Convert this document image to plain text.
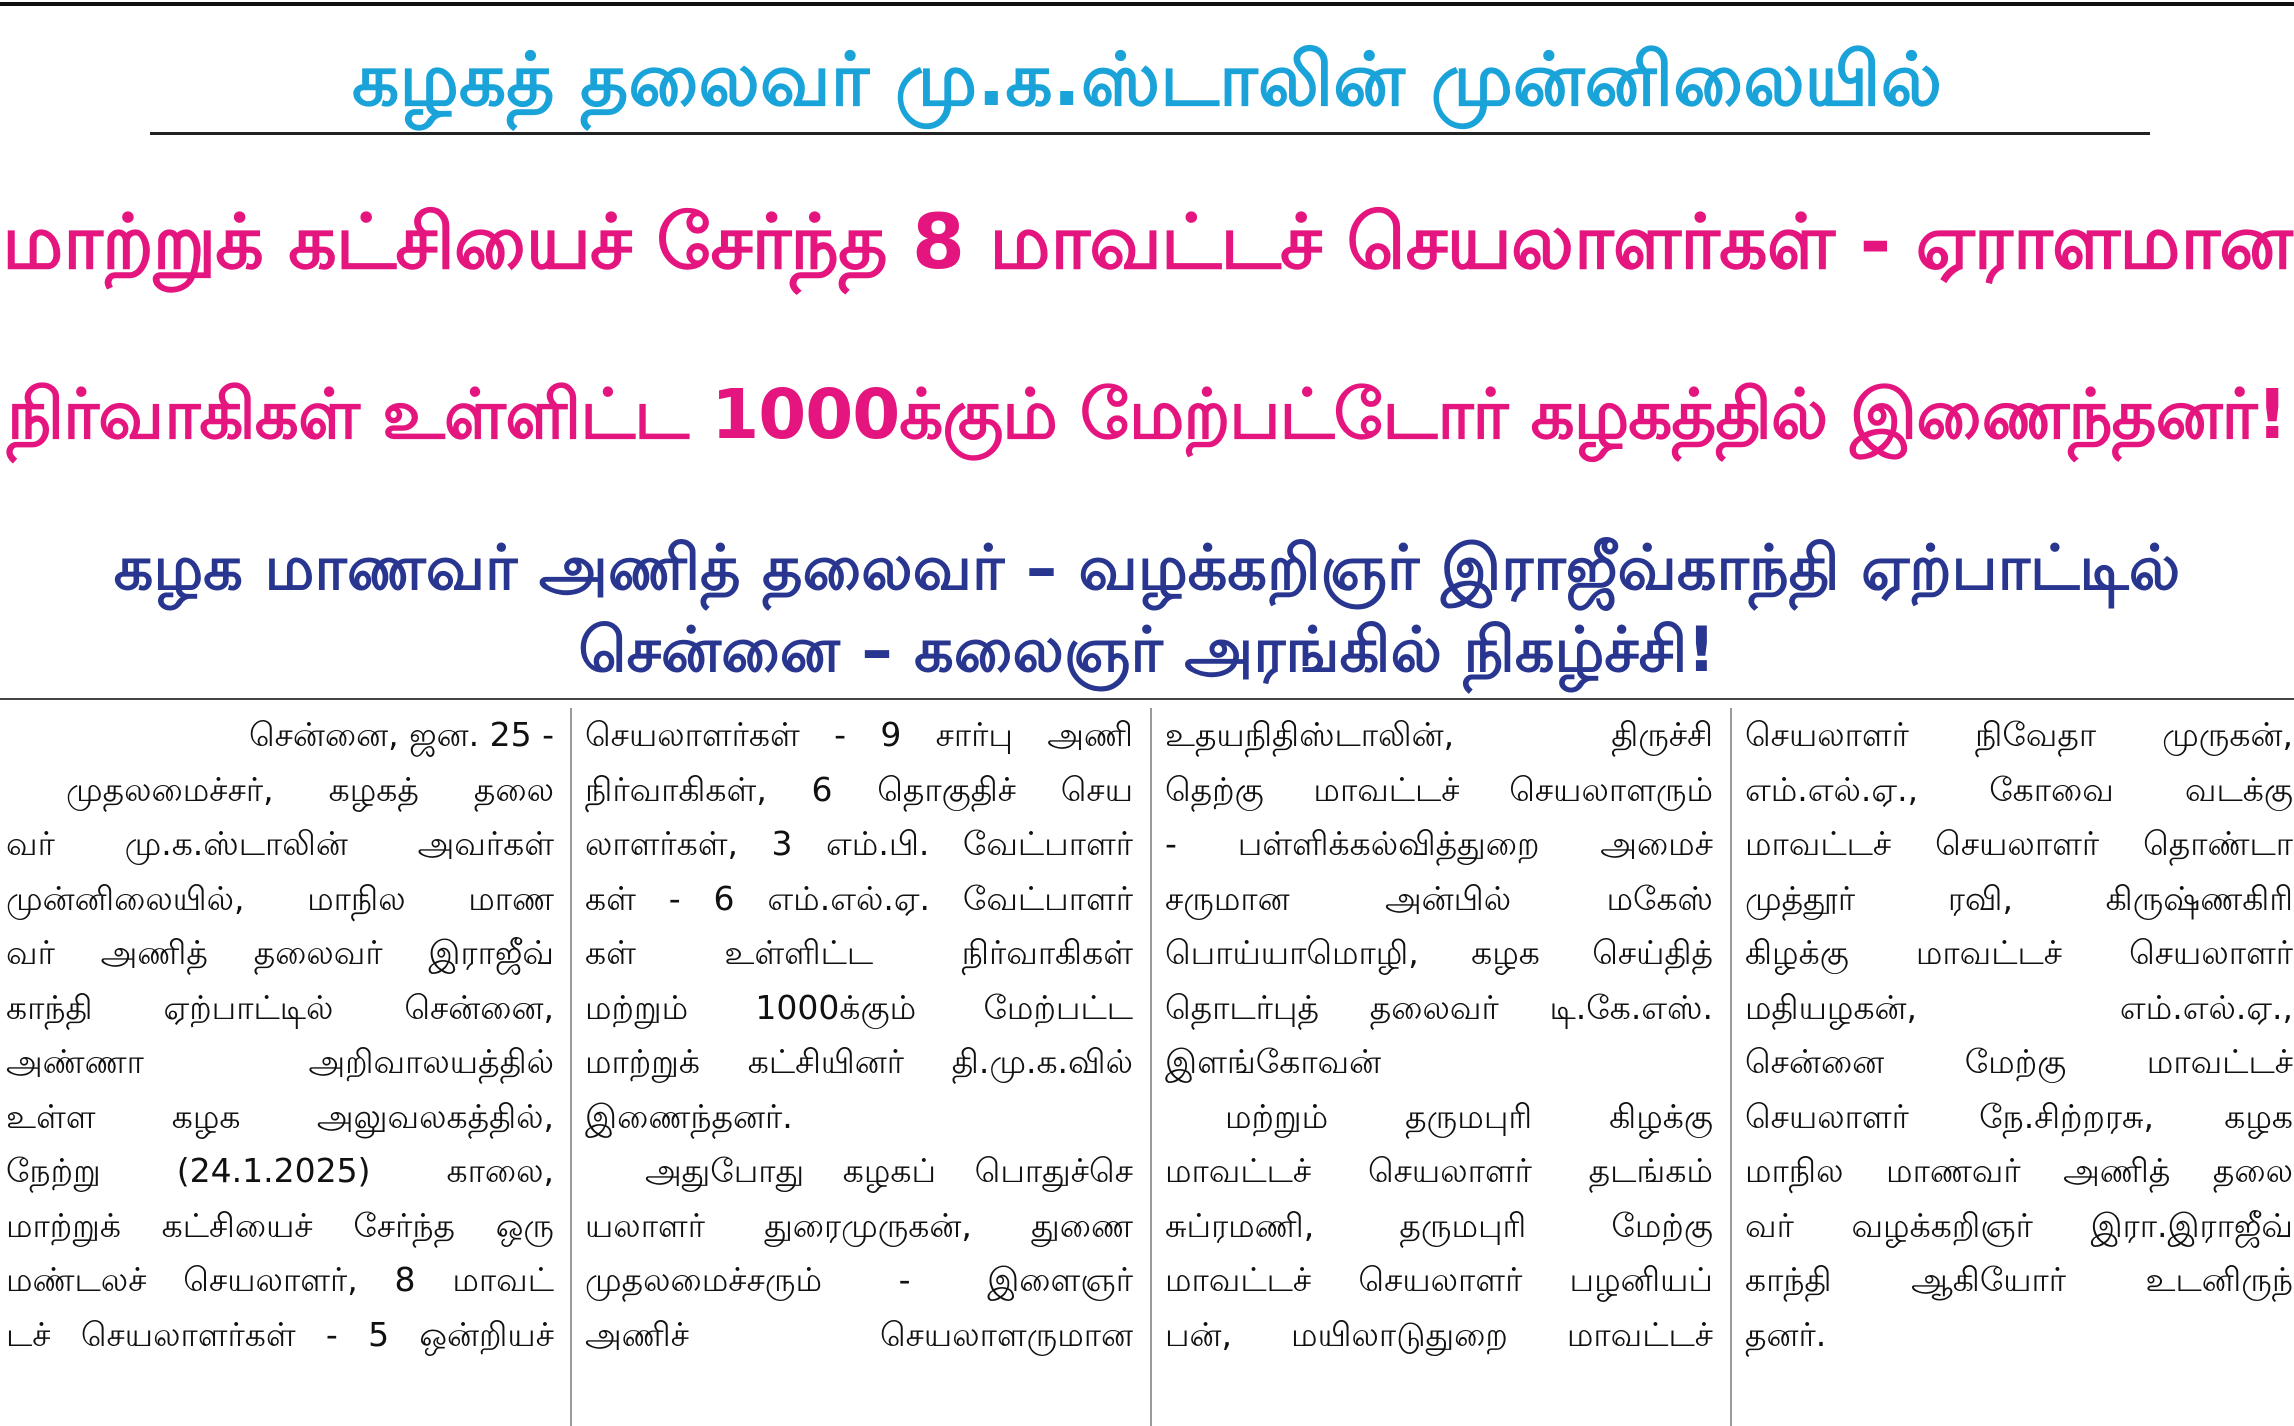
கழகத் தலைவர் மு.க.ஸ்டாலின் முன்னிலையில்
மாற்றுக் கட்சியைச் சேர்ந்த 8 மாவட்டச் செயலாளர்கள் - ஏராளமான
நிர்வாகிகள் உள்ளிட்ட 1000க்கும் மேற்பட்டோர் கழகத்தில் இணைந்தனர்!
கழக மாணவர் அணித் தலைவர் – வழக்கறிஞர் இராஜீவ்காந்தி ஏற்பாட்டில்
சென்னை – கலைஞர் அரங்கில் நிகழ்ச்சி!
சென்னை, ஜன. 25 -
முதலமைச்சர், கழகத் தலை
வர் மு.க.ஸ்டாலின் அவர்கள்
முன்னிலையில், மாநில மாண
வர் அணித் தலைவர் இராஜீவ்
காந்தி ஏற்பாட்டில் சென்னை,
அண்ணா அறிவாலயத்தில்
உள்ள கழக அலுவலகத்தில்,
நேற்று (24.1.2025) காலை,
மாற்றுக் கட்சியைச் சேர்ந்த ஒரு
மண்டலச் செயலாளர், 8 மாவட்
டச் செயலாளர்கள் - 5 ஒன்றியச்
செயலாளர்கள் - 9 சார்பு அணி
நிர்வாகிகள், 6 தொகுதிச் செய
லாளர்கள், 3 எம்.பி. வேட்பாளர்
கள் - 6 எம்.எல்.ஏ. வேட்பாளர்
கள் உள்ளிட்ட நிர்வாகிகள்
மற்றும் 1000க்கும் மேற்பட்ட
மாற்றுக் கட்சியினர் தி.மு.க.வில்
இணைந்தனர்.
அதுபோது கழகப் பொதுச்செ
யலாளர் துரைமுருகன், துணை
முதலமைச்சரும் - இளைஞர்
அணிச் செயலாளருமான
உதயநிதிஸ்டாலின், திருச்சி
தெற்கு மாவட்டச் செயலாளரும்
- பள்ளிக்கல்வித்துறை அமைச்
சருமான அன்பில் மகேஸ்
பொய்யாமொழி, கழக செய்தித்
தொடர்புத் தலைவர் டி.கே.எஸ்.
இளங்கோவன்
மற்றும் தருமபுரி கிழக்கு
மாவட்டச் செயலாளர் தடங்கம்
சுப்ரமணி, தருமபுரி மேற்கு
மாவட்டச் செயலாளர் பழனியப்
பன், மயிலாடுதுறை மாவட்டச்
செயலாளர் நிவேதா முருகன்,
எம்.எல்.ஏ., கோவை வடக்கு
மாவட்டச் செயலாளர் தொண்டா
முத்தூர் ரவி, கிருஷ்ணகிரி
கிழக்கு மாவட்டச் செயலாளர்
மதியழகன், எம்.எல்.ஏ.,
சென்னை மேற்கு மாவட்டச்
செயலாளர் நே.சிற்றரசு, கழக
மாநில மாணவர் அணித் தலை
வர் வழக்கறிஞர் இரா.இராஜீவ்
காந்தி ஆகியோர் உடனிருந்
தனர்.
